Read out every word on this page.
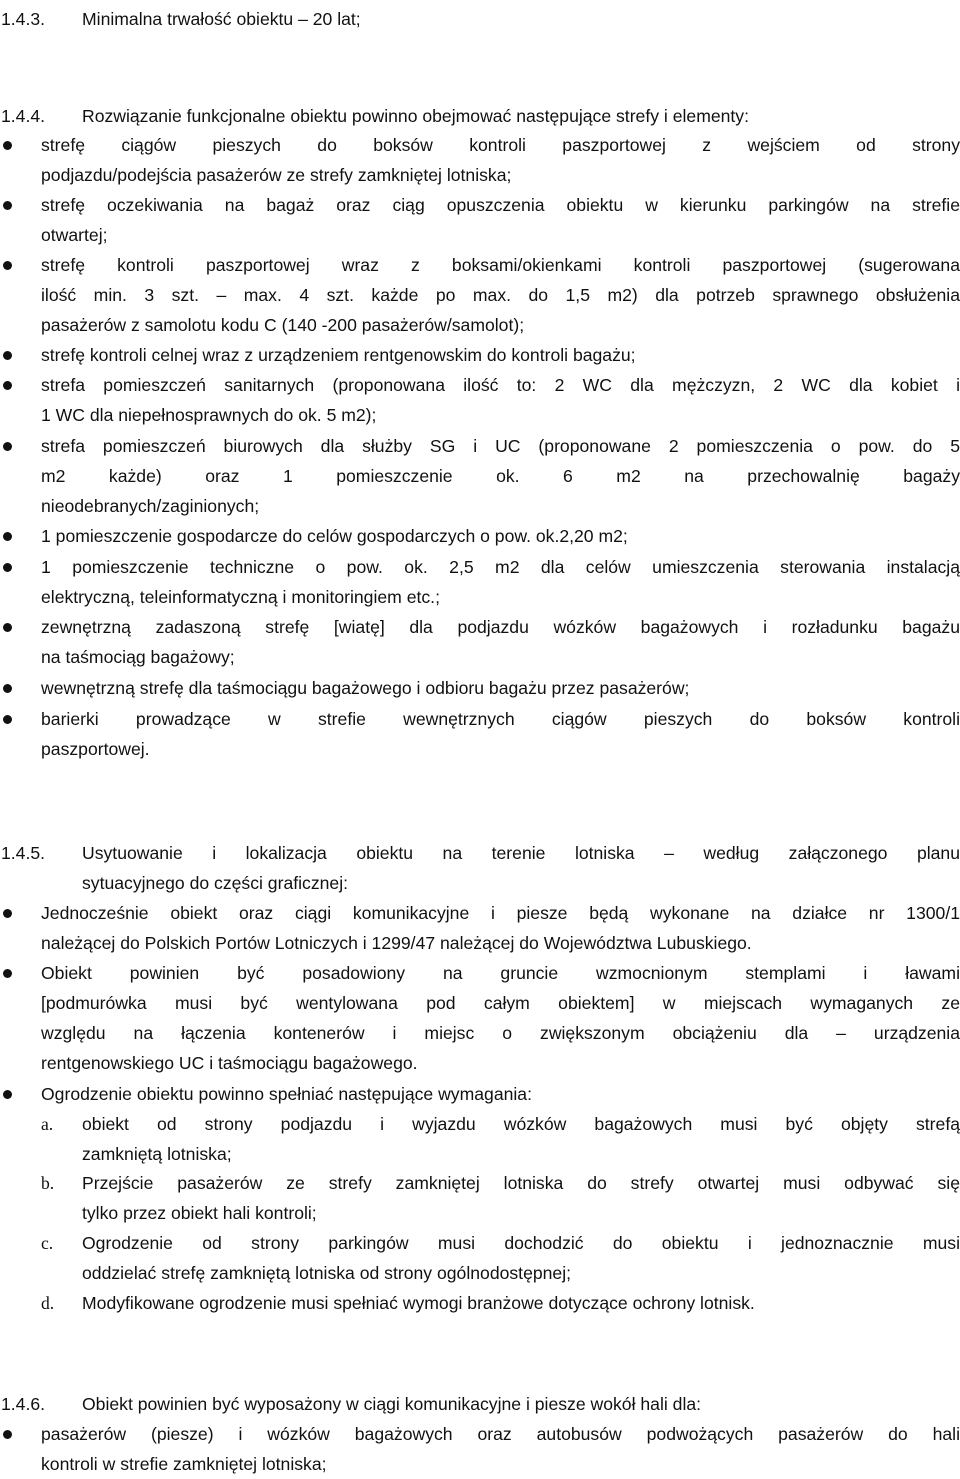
1.4.3. Minimalna trwałość obiektu – 20 lat;
1.4.4. Rozwiązanie funkcjonalne obiektu powinno obejmować następujące strefy i elementy:
strefę ciągów pieszych do boksów kontroli paszportowej z wejściem od strony
podjazdu/podejścia pasażerów ze strefy zamkniętej lotniska;
strefę oczekiwania na bagaż oraz ciąg opuszczenia obiektu w kierunku parkingów na strefie
otwartej;
strefę kontroli paszportowej wraz z boksami/okienkami kontroli paszportowej (sugerowana
ilość min. 3 szt. – max. 4 szt. każde po max. do 1,5 m2) dla potrzeb sprawnego obsłużenia
pasażerów z samolotu kodu C (140 -200 pasażerów/samolot);
strefę kontroli celnej wraz z urządzeniem rentgenowskim do kontroli bagażu;
strefa pomieszczeń sanitarnych (proponowana ilość to: 2 WC dla mężczyzn, 2 WC dla kobiet i
1 WC dla niepełnosprawnych do ok. 5 m2);
strefa pomieszczeń biurowych dla służby SG i UC (proponowane 2 pomieszczenia o pow. do 5
m2 każde) oraz 1 pomieszczenie ok. 6 m2 na przechowalnię bagaży
nieodebranych/zaginionych;
1 pomieszczenie gospodarcze do celów gospodarczych o pow. ok.2,20 m2;
1 pomieszczenie techniczne o pow. ok. 2,5 m2 dla celów umieszczenia sterowania instalacją
elektryczną, teleinformatyczną i monitoringiem etc.;
zewnętrzną zadaszoną strefę [wiatę] dla podjazdu wózków bagażowych i rozładunku bagażu
na taśmociąg bagażowy;
wewnętrzną strefę dla taśmociągu bagażowego i odbioru bagażu przez pasażerów;
barierki prowadzące w strefie wewnętrznych ciągów pieszych do boksów kontroli
paszportowej.
1.4.5. Usytuowanie i lokalizacja obiektu na terenie lotniska – według załączonego planu
sytuacyjnego do części graficznej:
Jednocześnie obiekt oraz ciągi komunikacyjne i piesze będą wykonane na działce nr 1300/1
należącej do Polskich Portów Lotniczych i 1299/47 należącej do Województwa Lubuskiego.
Obiekt powinien być posadowiony na gruncie wzmocnionym stemplami i ławami
[podmurówka musi być wentylowana pod całym obiektem] w miejscach wymaganych ze
względu na łączenia kontenerów i miejsc o zwiększonym obciążeniu dla – urządzenia
rentgenowskiego UC i taśmociągu bagażowego.
Ogrodzenie obiektu powinno spełniać następujące wymagania:
a. obiekt od strony podjazdu i wyjazdu wózków bagażowych musi być objęty strefą
zamkniętą lotniska;
b. Przejście pasażerów ze strefy zamkniętej lotniska do strefy otwartej musi odbywać się
tylko przez obiekt hali kontroli;
c. Ogrodzenie od strony parkingów musi dochodzić do obiektu i jednoznacznie musi
oddzielać strefę zamkniętą lotniska od strony ogólnodostępnej;
d. Modyfikowane ogrodzenie musi spełniać wymogi branżowe dotyczące ochrony lotnisk.
1.4.6. Obiekt powinien być wyposażony w ciągi komunikacyjne i piesze wokół hali dla:
pasażerów (piesze) i wózków bagażowych oraz autobusów podwożących pasażerów do hali
kontroli w strefie zamkniętej lotniska;
